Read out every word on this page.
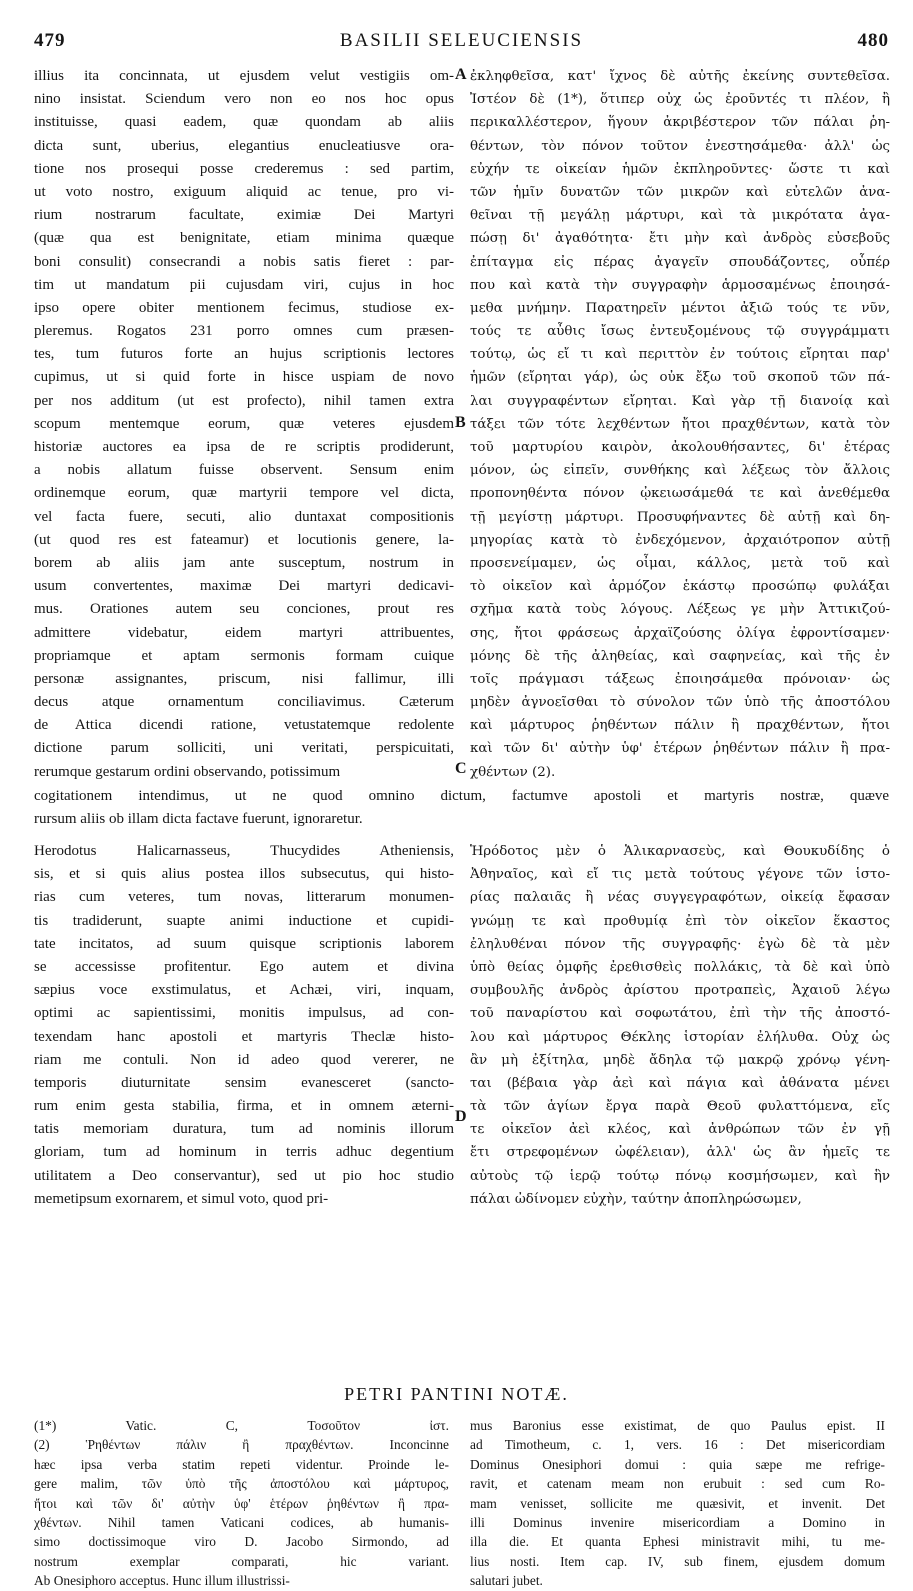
479	BASILII SELEUCIENSIS	480
A
B
C
D
illius ita concinnata, ut ejusdem velut vestigiis om-
nino insistat. Sciendum vero non eo nos hoc opus
instituisse, quasi eadem, quæ quondam ab aliis
dicta sunt, uberius, elegantius enucleatiusve ora-
tione nos prosequi posse crederemus : sed partim,
ut voto nostro, exiguum aliquid ac tenue, pro vi-
rium nostrarum facultate, eximiæ Dei Martyri
(quæ qua est benignitate, etiam minima quæque
boni consulit) consecrandi a nobis satis fieret : par-
tim ut mandatum pii cujusdam viri, cujus in hoc
ipso opere obiter mentionem fecimus, studiose ex-
pleremus. Rogatos 231 porro omnes cum præsen-
tes, tum futuros forte an hujus scriptionis lectores
cupimus, ut si quid forte in hisce uspiam de novo
per nos additum (ut est profecto), nihil tamen extra
scopum mentemque eorum, quæ veteres ejusdem
historiæ auctores ea ipsa de re scriptis prodiderunt,
a nobis allatum fuisse observent. Sensum enim
ordinemque eorum, quæ martyrii tempore vel dicta,
vel facta fuere, secuti, alio duntaxat compositionis
(ut quod res est fateamur) et locutionis genere, la-
borem ab aliis jam ante susceptum, nostrum in
usum convertentes, maximæ Dei martyri dedicavi-
mus. Orationes autem seu conciones, prout res
admittere videbatur, eidem martyri attribuentes,
propriamque et aptam sermonis formam cuique
personæ assignantes, priscum, nisi fallimur, illi
decus atque ornamentum conciliavimus. Cæterum
de Attica dicendi ratione, vetustatemque redolente
dictione parum solliciti, uni veritati, perspicuitati,
rerumque gestarum ordini observando, potissimum
ἐκληφθεῖσα, κατ' ἴχνος δὲ αὐτῆς ἐκείνης συντεθεῖσα.
Ἰστέον δὲ (1*), ὅτιπερ οὐχ ὡς ἐροῦντές τι πλέον, ἢ
περικαλλέστερον, ἥγουν ἀκριβέστερον τῶν πάλαι ῥη-
θέντων, τὸν πόνον τοῦτον ἐνεστησάμεθα· ἀλλ' ὡς
εὐχήν τε οἰκείαν ἡμῶν ἐκπληροῦντες· ὥστε τι καὶ
τῶν ἡμῖν δυνατῶν τῶν μικρῶν καὶ εὐτελῶν ἀνα-
θεῖναι τῇ μεγάλῃ μάρτυρι, καὶ τὰ μικρότατα ἀγα-
πώσῃ δι' ἀγαθότητα· ἔτι μὴν καὶ ἀνδρὸς εὐσεβοῦς
ἐπίταγμα εἰς πέρας ἀγαγεῖν σπουδάζοντες, οὗπέρ
που καὶ κατὰ τὴν συγγραφὴν ἁρμοσαμένως ἐποιησά-
μεθα μνήμην. Παρατηρεῖν μέντοι ἀξιῶ τούς τε νῦν,
τούς τε αὖθις ἴσως ἐντευξομένους τῷ συγγράμματι
τούτῳ, ὡς εἴ τι καὶ περιττὸν ἐν τούτοις εἴρηται παρ'
ἡμῶν (εἴρηται γάρ), ὡς οὐκ ἔξω τοῦ σκοποῦ τῶν πά-
λαι συγγραφέντων εἴρηται. Καὶ γὰρ τῇ διανοίᾳ καὶ
τάξει τῶν τότε λεχθέντων ἤτοι πραχθέντων, κατὰ τὸν
τοῦ μαρτυρίου καιρὸν, ἀκολουθήσαντες, δι' ἑτέρας
μόνον, ὡς εἰπεῖν, συνθήκης καὶ λέξεως τὸν ἄλλοις
προπονηθέντα πόνον ᾠκειωσάμεθά τε καὶ ἀνεθέμεθα
τῇ μεγίστῃ μάρτυρι. Προσυφήναντες δὲ αὐτῇ καὶ δη-
μηγορίας κατὰ τὸ ἐνδεχόμενον, ἀρχαιότροπον αὐτῇ
προσενείμαμεν, ὡς οἶμαι, κάλλος, μετὰ τοῦ καὶ
τὸ οἰκεῖον καὶ ἁρμόζον ἑκάστῳ προσώπῳ φυλάξαι
σχῆμα κατὰ τοὺς λόγους. Λέξεως γε μὴν Ἀττικιζού-
σης, ἤτοι φράσεως ἀρχαϊζούσης ὀλίγα ἐφροντίσαμεν·
μόνης δὲ τῆς ἀληθείας, καὶ σαφηνείας, καὶ τῆς ἐν
τοῖς πράγμασι τάξεως ἐποιησάμεθα πρόνοιαν· ὡς
μηδὲν ἀγνοεῖσθαι τὸ σύνολον τῶν ὑπὸ τῆς ἀποστόλου
καὶ μάρτυρος ῥηθέντων πάλιν ἢ πραχθέντων, ἤτοι
καὶ τῶν δι' αὐτὴν ὑφ' ἑτέρων ῥηθέντων πάλιν ἢ πρα-
χθέντων (2).
cogitationem intendimus, ut ne quod omnino dictum, factumve apostoli et martyris nostræ, quæve
rursum aliis ob illam dicta factave fuerunt, ignoraretur.
Herodotus Halicarnasseus, Thucydides Atheniensis,
sis, et si quis alius postea illos subsecutus, qui histo-
rias cum veteres, tum novas, litterarum monumen-
tis tradiderunt, suapte animi inductione et cupidi-
tate incitatos, ad suum quisque scriptionis laborem
se accessisse profitentur. Ego autem et divina
sæpius voce exstimulatus, et Achæi, viri, inquam,
optimi ac sapientissimi, monitis impulsus, ad con-
texendam hanc apostoli et martyris Theclæ histo-
riam me contuli. Non id adeo quod vererer, ne
temporis diuturnitate sensim evanesceret (sancto-
rum enim gesta stabilia, firma, et in omnem æterni-
tatis memoriam duratura, tum ad nominis illorum
gloriam, tum ad hominum in terris adhuc degentium
utilitatem a Deo conservantur), sed ut pio hoc studio
memetipsum exornarem, et simul voto, quod pri-
Ἡρόδοτος μὲν ὁ Ἁλικαρνασεὺς, καὶ Θουκυδίδης ὁ
Ἀθηναῖος, καὶ εἴ τις μετὰ τούτους γέγονε τῶν ἱστο-
ρίας παλαιᾶς ἢ νέας συγγεγραφότων, οἰκείᾳ ἔφασαν
γνώμῃ τε καὶ προθυμίᾳ ἐπὶ τὸν οἰκεῖον ἕκαστος
ἐληλυθέναι πόνον τῆς συγγραφῆς· ἐγὼ δὲ τὰ μὲν
ὑπὸ θείας ὀμφῆς ἐρεθισθεὶς πολλάκις, τὰ δὲ καὶ ὑπὸ
συμβουλῆς ἀνδρὸς ἀρίστου προτραπεὶς, Ἀχαιοῦ λέγω
τοῦ παναρίστου καὶ σοφωτάτου, ἐπὶ τὴν τῆς ἀποστό-
λου καὶ μάρτυρος Θέκλης ἱστορίαν ἐλήλυθα. Οὐχ ὡς
ἂν μὴ ἐξίτηλα, μηδὲ ἄδηλα τῷ μακρῷ χρόνῳ γένη-
ται (βέβαια γὰρ ἀεὶ καὶ πάγια καὶ ἀθάνατα μένει
τὰ τῶν ἁγίων ἔργα παρὰ Θεοῦ φυλαττόμενα, εἴς
τε οἰκεῖον ἀεὶ κλέος, καὶ ἀνθρώπων τῶν ἐν γῇ
ἔτι στρεφομένων ὠφέλειαν), ἀλλ' ὡς ἂν ἡμεῖς τε
αὐτοὺς τῷ ἱερῷ τούτῳ πόνῳ κοσμήσωμεν, καὶ ἣν
πάλαι ὠδίνομεν εὐχὴν, ταύτην ἀποπληρώσωμεν,
PETRI PANTINI NOTÆ.
(1*) Vatic. C, Τοσοῦτον ἰστ.
(2) Ῥηθέντων πάλιν ἢ πραχθέντων. Inconcinne
hæc ipsa verba statim repeti videntur. Proinde le-
gere malim, τῶν ὑπὸ τῆς ἀποστόλου καὶ μάρτυρος,
ἤτοι καὶ τῶν δι' αὐτὴν ὑφ' ἑτέρων ῥηθέντων ἢ πρα-
χθέντων. Nihil tamen Vaticani codices, ab humanis-
simo doctissimoque viro D. Jacobo Sirmondo, ad
nostrum exemplar comparati, hic variant.
Ab Onesiphoro acceptus. Hunc illum illustrissi-
mus Baronius esse existimat, de quo Paulus epist. II
ad Timotheum, c. 1, vers. 16 : Det misericordiam
Dominus Onesiphori domui : quia sæpe me refrige-
ravit, et catenam meam non erubuit : sed cum Ro-
mam venisset, sollicite me quæsivit, et invenit. Det
illi Dominus invenire misericordiam a Domino in
illa die. Et quanta Ephesi ministravit mihi, tu me-
lius nosti. Item cap. IV, sub finem, ejusdem domum
salutari jubet.
